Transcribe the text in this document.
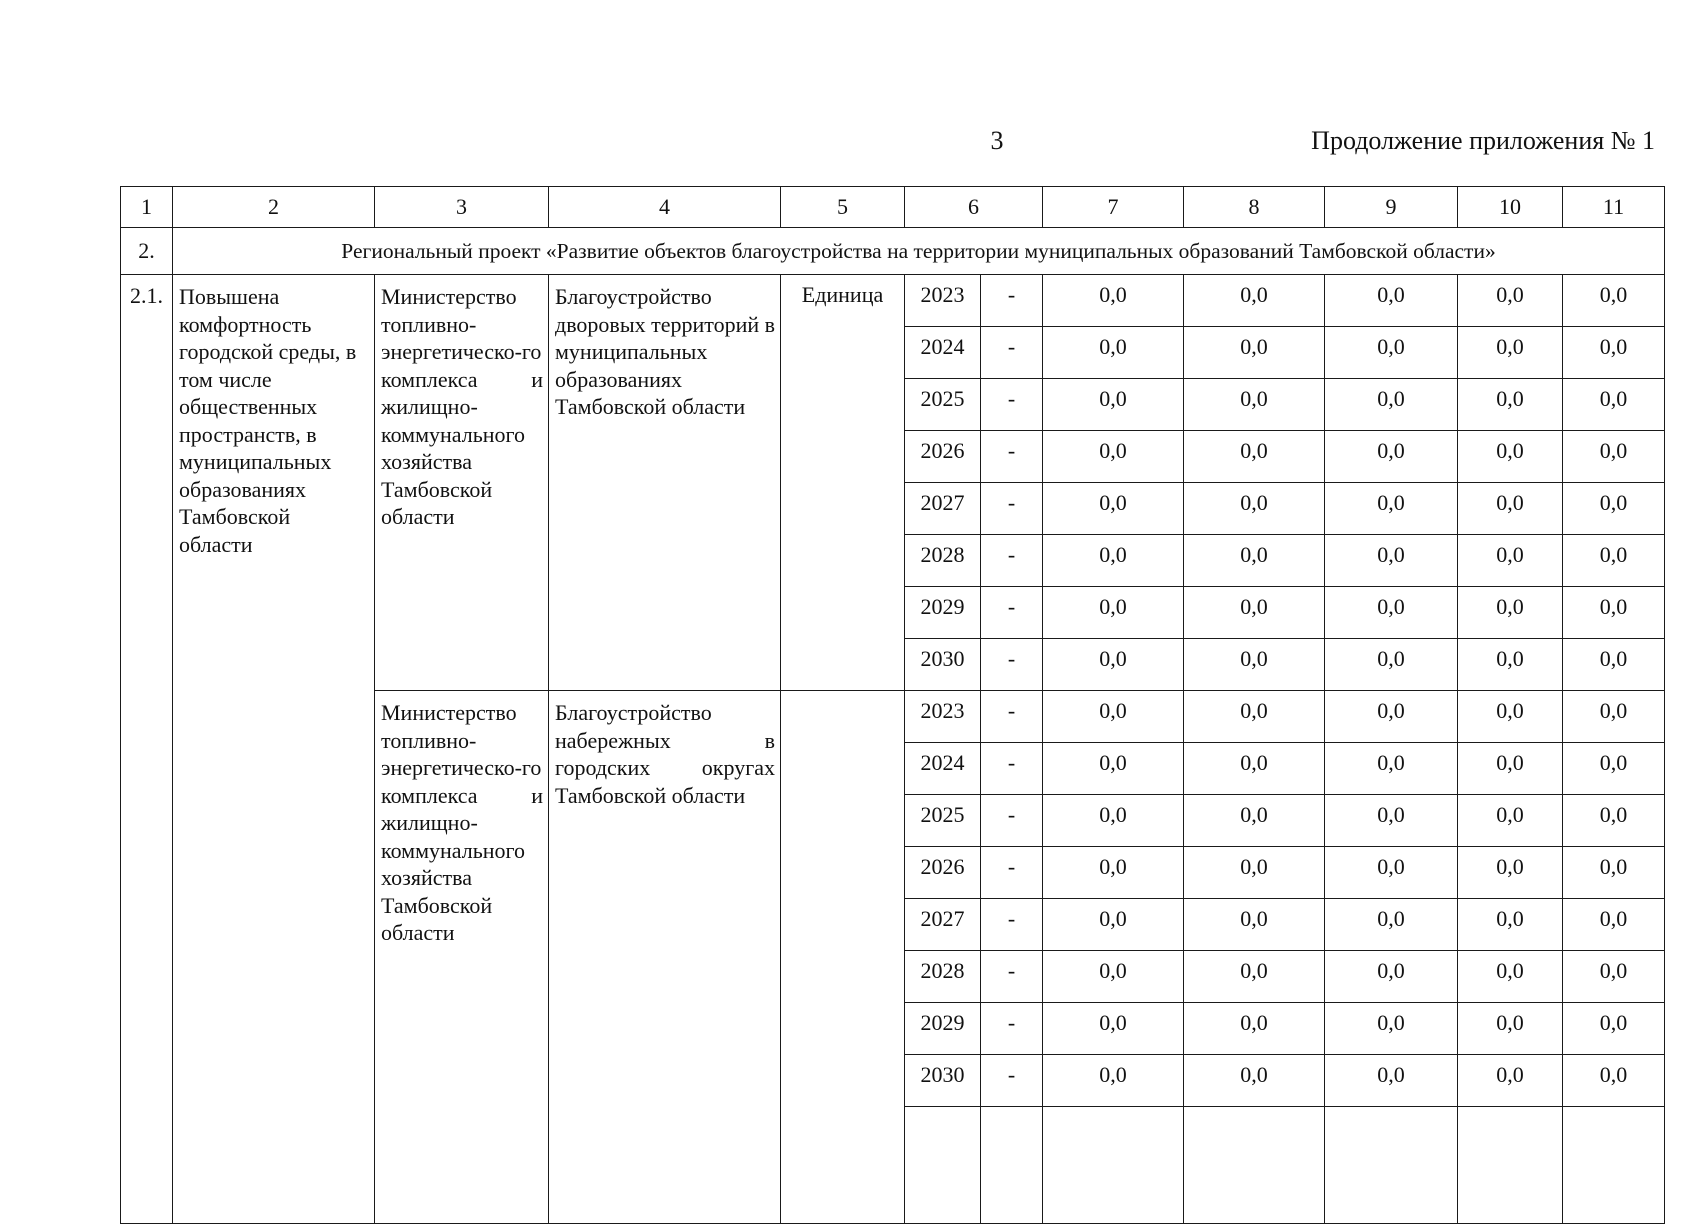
3	Продолжение приложения № 1
1	2	3	4	5	6		7	8	9	10	11
2.	Региональный проект «Развитие объектов благоустройства на территории муниципальных образований Тамбовской области»										
2.1.	Повышена комфортность городской среды, в том числе общественных пространств, в муниципальных образованиях Тамбовской области	Министерство топливно-энергетическо-го комплекса и жилищно-коммунального хозяйства Тамбовской области	Благоустройство дворовых территорий в муниципальных образованиях Тамбовской области	Единица	2023	-	0,0	0,0	0,0	0,0	0,0
					2024	-	0,0	0,0	0,0	0,0	0,0
					2025	-	0,0	0,0	0,0	0,0	0,0
					2026	-	0,0	0,0	0,0	0,0	0,0
					2027	-	0,0	0,0	0,0	0,0	0,0
					2028	-	0,0	0,0	0,0	0,0	0,0
					2029	-	0,0	0,0	0,0	0,0	0,0
					2030	-	0,0	0,0	0,0	0,0	0,0

		Министерство топливно-энергетическо-го комплекса и жилищно-коммунального хозяйства Тамбовской области	Благоустройство набережных в городских округах Тамбовской области		2023	-	0,0	0,0	0,0	0,0	0,0
					2024	-	0,0	0,0	0,0	0,0	0,0
					2025	-	0,0	0,0	0,0	0,0	0,0
					2026	-	0,0	0,0	0,0	0,0	0,0
					2027	-	0,0	0,0	0,0	0,0	0,0
					2028	-	0,0	0,0	0,0	0,0	0,0
					2029	-	0,0	0,0	0,0	0,0	0,0
					2030	-	0,0	0,0	0,0	0,0	0,0
